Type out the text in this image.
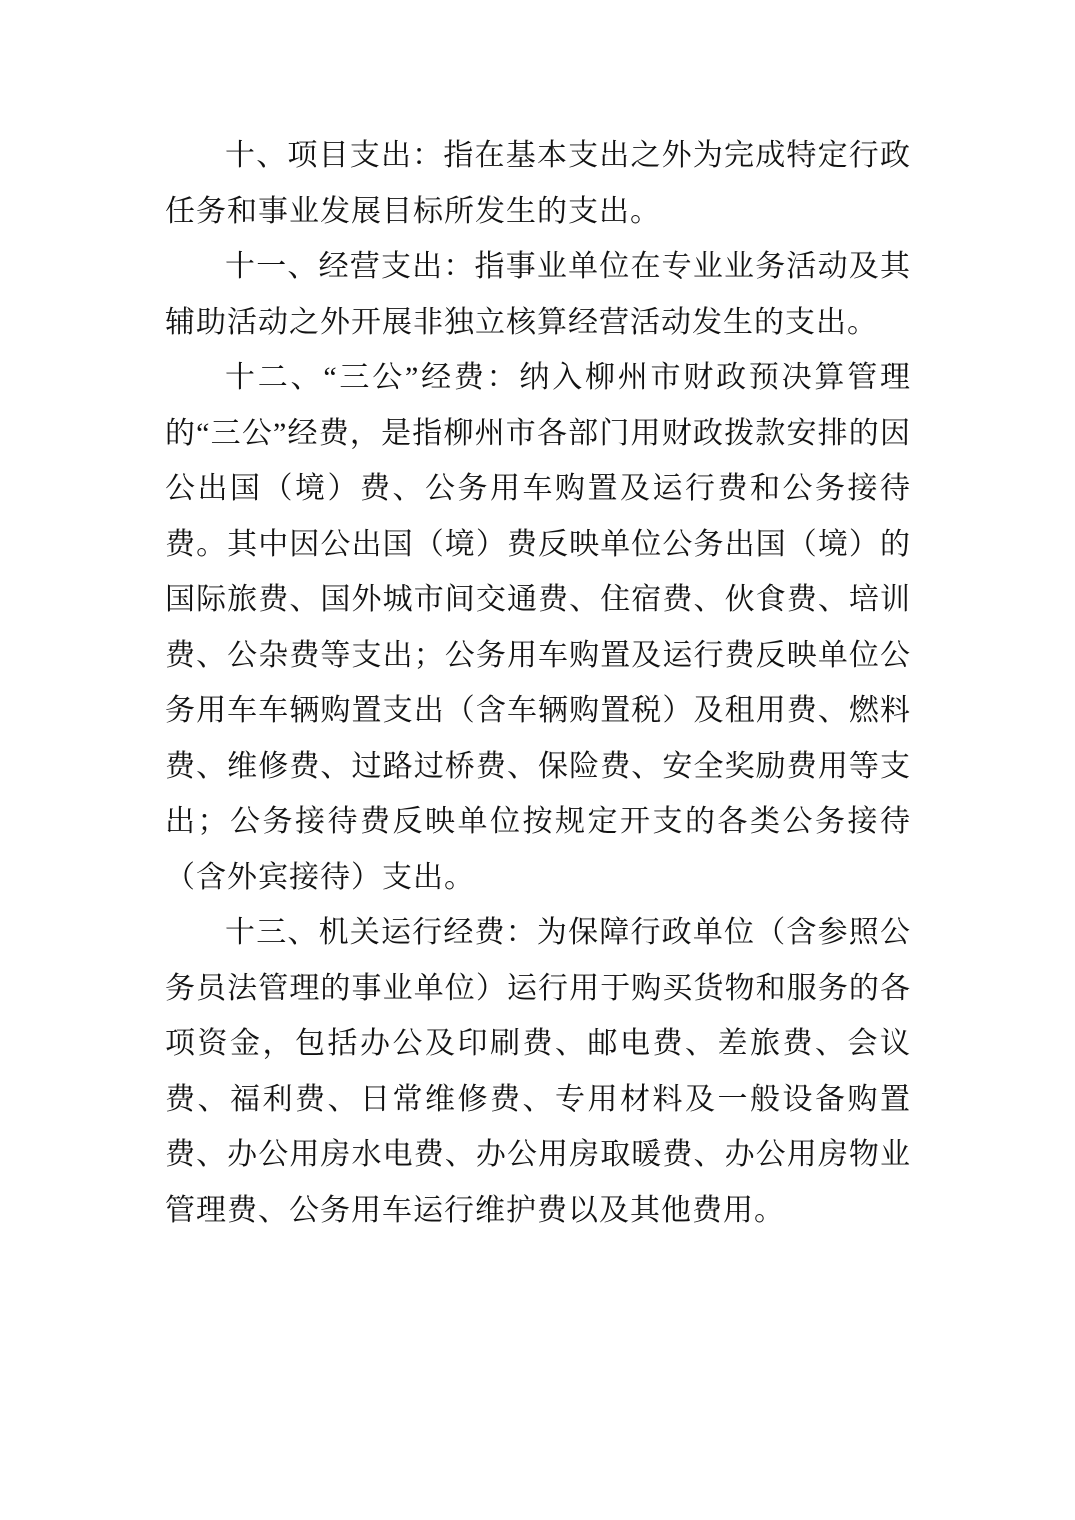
十、项目支出：指在基本支出之外为完成特定行政任务和事业发展目标所发生的支出。

十一、经营支出：指事业单位在专业业务活动及其辅助活动之外开展非独立核算经营活动发生的支出。

十二、“三公”经费：纳入柳州市财政预决算管理的“三公”经费，是指柳州市各部门用财政拨款安排的因公出国（境）费、公务用车购置及运行费和公务接待费。其中因公出国（境）费反映单位公务出国（境）的国际旅费、国外城市间交通费、住宿费、伙食费、培训费、公杂费等支出；公务用车购置及运行费反映单位公务用车车辆购置支出（含车辆购置税）及租用费、燃料费、维修费、过路过桥费、保险费、安全奖励费用等支出；公务接待费反映单位按规定开支的各类公务接待（含外宾接待）支出。

十三、机关运行经费：为保障行政单位（含参照公务员法管理的事业单位）运行用于购买货物和服务的各项资金，包括办公及印刷费、邮电费、差旅费、会议费、福利费、日常维修费、专用材料及一般设备购置费、办公用房水电费、办公用房取暖费、办公用房物业管理费、公务用车运行维护费以及其他费用。
